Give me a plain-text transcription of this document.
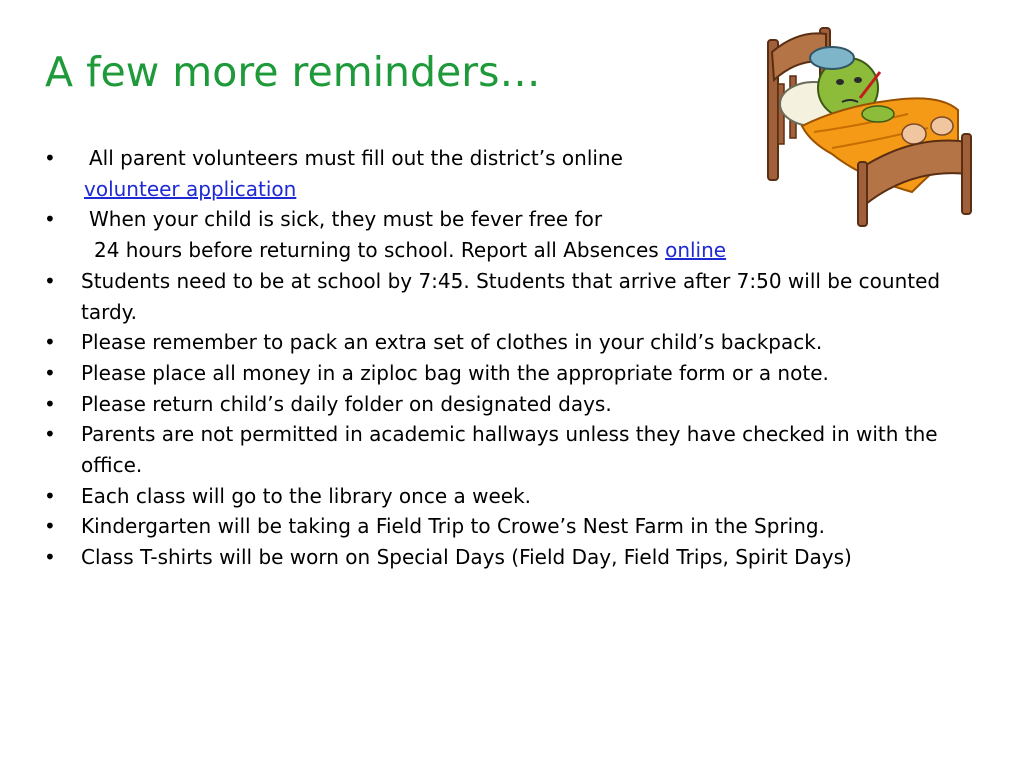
A few more reminders…
• All parent volunteers must fill out the district’s online
volunteer application
• When your child is sick, they must be fever free for
24 hours before returning to school. Report all Absences online
• Students need to be at school by 7:45. Students that arrive after 7:50 will be counted tardy.
• Please remember to pack an extra set of clothes in your child’s backpack.
• Please place all money in a ziploc bag with the appropriate form or a note.
• Please return child’s daily folder on designated days.
• Parents are not permitted in academic hallways unless they have checked in with the office.
• Each class will go to the library once a week.
• Kindergarten will be taking a Field Trip to Crowe’s Nest Farm in the Spring.
• Class T-shirts will be worn on Special Days (Field Day, Field Trips, Spirit Days)
